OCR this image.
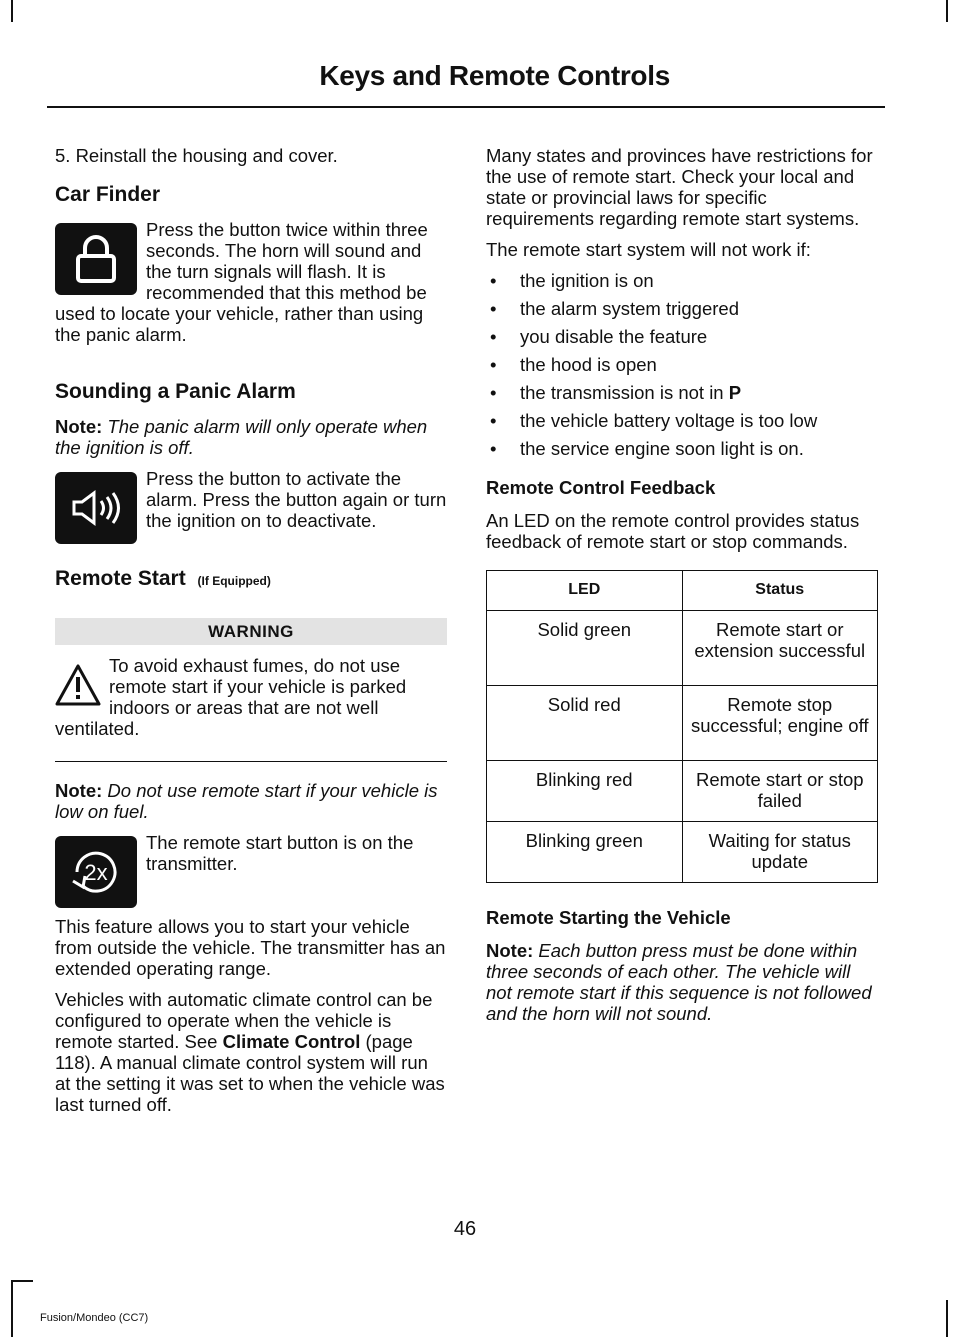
Keys and Remote Controls

5. Reinstall the housing and cover.

Car Finder

Press the button twice within three seconds. The horn will sound and the turn signals will flash. It is recommended that this method be used to locate your vehicle, rather than using the panic alarm.

Sounding a Panic Alarm

Note: The panic alarm will only operate when the ignition is off.

Press the button to activate the alarm. Press the button again or turn the ignition on to deactivate.

Remote Start (If Equipped)
WARNING

To avoid exhaust fumes, do not use remote start if your vehicle is parked indoors or areas that are not well ventilated.

Note: Do not use remote start if your vehicle is low on fuel.

2x

The remote start button is on the transmitter.

This feature allows you to start your vehicle from outside the vehicle. The transmitter has an extended operating range.

Vehicles with automatic climate control can be configured to operate when the vehicle is remote started. See Climate Control (page 118). A manual climate control system will run at the setting it was set to when the vehicle was last turned off.

Many states and provinces have restrictions for the use of remote start. Check your local and state or provincial laws for specific requirements regarding remote start systems.

The remote start system will not work if:

• the ignition is on
• the alarm system triggered
• you disable the feature
• the hood is open
• the transmission is not in P
• the vehicle battery voltage is too low
• the service engine soon light is on.
Remote Control Feedback

An LED on the remote control provides status feedback of remote start or stop commands.

LED	Status
Solid green	Remote start or extension successful
Solid red	Remote stop successful; engine off
Blinking red	Remote start or stop failed
Blinking green	Waiting for status update
Remote Starting the Vehicle

Note: Each button press must be done within three seconds of each other. The vehicle will not remote start if this sequence is not followed and the horn will not sound.

46
Fusion/Mondeo (CC7)
